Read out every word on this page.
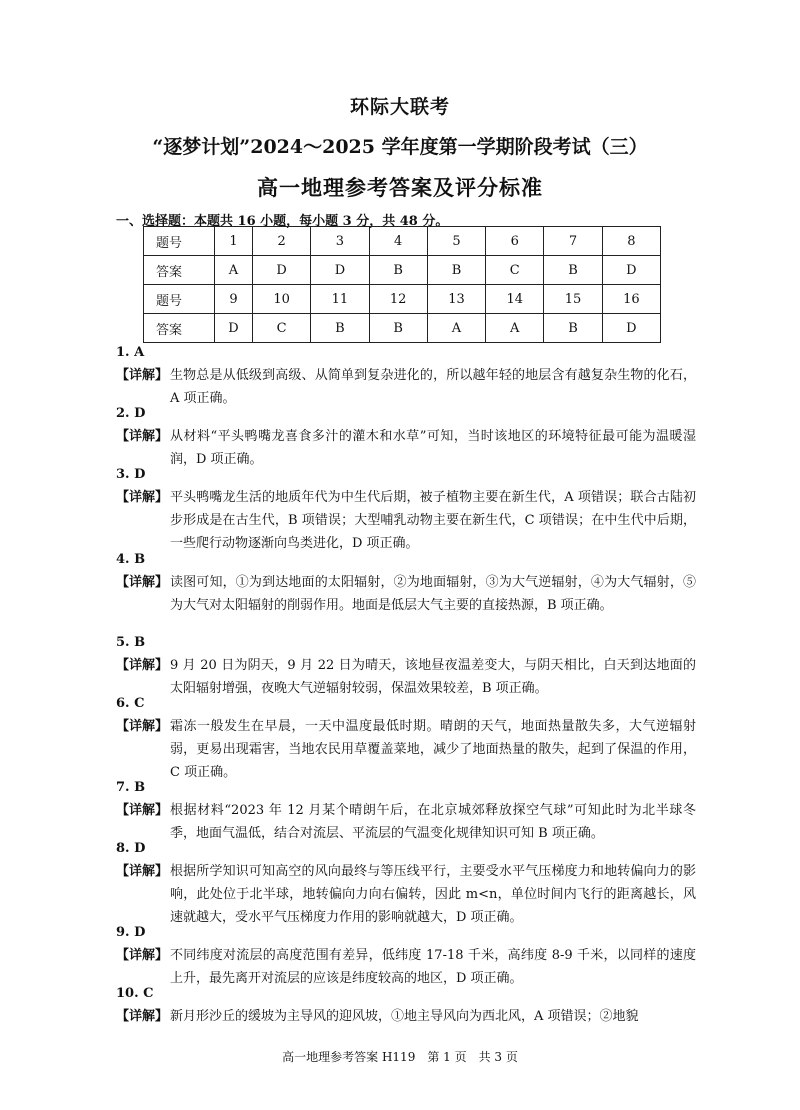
环际大联考
“逐梦计划”2024～2025 学年度第一学期阶段考试（三）
高一地理参考答案及评分标准
一、选择题：本题共 16 小题，每小题 3 分，共 48 分。
题号	1	2	3	4	5	6	7	8
答案	A	D	D	B	B	C	B	D
题号	9	10	11	12	13	14	15	16
答案	D	C	B	B	A	A	B	D
1. A
【详解】 生物总是从低级到高级、从简单到复杂进化的，所以越年轻的地层含有越复杂生物的化石，A 项正确。
2. D
【详解】 从材料“平头鸭嘴龙喜食多汁的灌木和水草”可知，当时该地区的环境特征最可能为温暖湿润，D 项正确。
3. D
【详解】 平头鸭嘴龙生活的地质年代为中生代后期，被子植物主要在新生代，A 项错误；联合古陆初步形成是在古生代，B 项错误；大型哺乳动物主要在新生代，C 项错误；在中生代中后期，一些爬行动物逐渐向鸟类进化，D 项正确。
4. B
【详解】 读图可知，①为到达地面的太阳辐射，②为地面辐射，③为大气逆辐射，④为大气辐射，⑤为大气对太阳辐射的削弱作用。地面是低层大气主要的直接热源，B 项正确。
5. B
【详解】 9 月 20 日为阴天，9 月 22 日为晴天，该地昼夜温差变大，与阴天相比，白天到达地面的太阳辐射增强，夜晚大气逆辐射较弱，保温效果较差，B 项正确。
6. C
【详解】 霜冻一般发生在早晨，一天中温度最低时期。晴朗的天气，地面热量散失多，大气逆辐射弱，更易出现霜害，当地农民用草覆盖菜地，减少了地面热量的散失，起到了保温的作用，C 项正确。
7. B
【详解】 根据材料“2023 年 12 月某个晴朗午后，在北京城郊释放探空气球”可知此时为北半球冬季，地面气温低，结合对流层、平流层的气温变化规律知识可知 B 项正确。
8. D
【详解】 根据所学知识可知高空的风向最终与等压线平行，主要受水平气压梯度力和地转偏向力的影响，此处位于北半球，地转偏向力向右偏转，因此 m<n，单位时间内飞行的距离越长，风速就越大，受水平气压梯度力作用的影响就越大，D 项正确。
9. D
【详解】 不同纬度对流层的高度范围有差异，低纬度 17-18 千米，高纬度 8-9 千米，以同样的速度上升，最先离开对流层的应该是纬度较高的地区，D 项正确。
10. C
【详解】 新月形沙丘的缓坡为主导风的迎风坡，①地主导风向为西北风，A 项错误；②地貌
高一地理参考答案 H119　第 1 页　共 3 页
